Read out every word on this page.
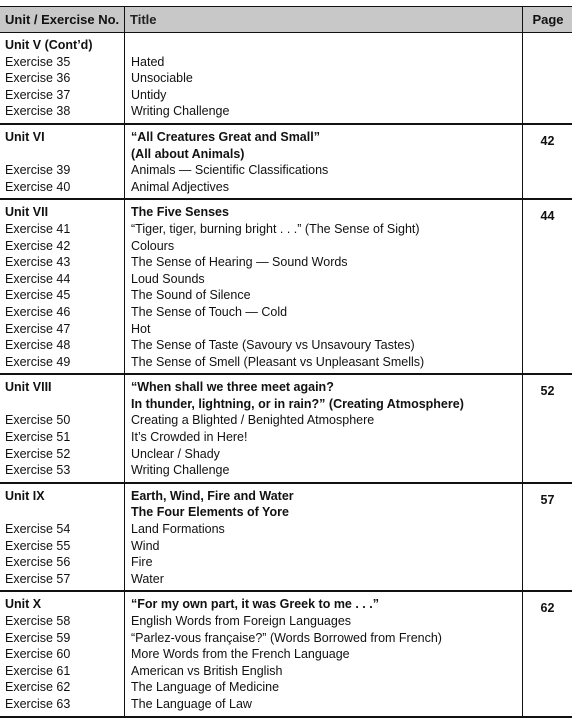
Unit / Exercise No. Title	Page
Unit V (Cont’d)
Exercise 35
Exercise 36
Exercise 37
Exercise 38
Hated
Unsociable
Untidy
Writing Challenge
Unit VI
Exercise 39
Exercise 40
“All Creatures Great and Small”
(All about Animals)
Animals — Scientific Classifications
Animal Adjectives
42
Unit VII
Exercise 41
Exercise 42
Exercise 43
Exercise 44
Exercise 45
Exercise 46
Exercise 47
Exercise 48
Exercise 49
The Five Senses
“Tiger, tiger, burning bright . . .” (The Sense of Sight)
Colours
The Sense of Hearing — Sound Words
Loud Sounds
The Sound of Silence
The Sense of Touch — Cold
Hot
The Sense of Taste (Savoury vs Unsavoury Tastes)
The Sense of Smell (Pleasant vs Unpleasant Smells)
44
Unit VIII
Exercise 50
Exercise 51
Exercise 52
Exercise 53
“When shall we three meet again?
In thunder, lightning, or in rain?” (Creating Atmosphere)
Creating a Blighted / Benighted Atmosphere
It’s Crowded in Here!
Unclear / Shady
Writing Challenge
52
Unit IX
Exercise 54
Exercise 55
Exercise 56
Exercise 57
Earth, Wind, Fire and Water
The Four Elements of Yore
Land Formations
Wind
Fire
Water
57
Unit X
Exercise 58
Exercise 59
Exercise 60
Exercise 61
Exercise 62
Exercise 63
“For my own part, it was Greek to me . . .”
English Words from Foreign Languages
“Parlez-vous française?” (Words Borrowed from French)
More Words from the French Language
American vs British English
The Language of Medicine
The Language of Law
62
